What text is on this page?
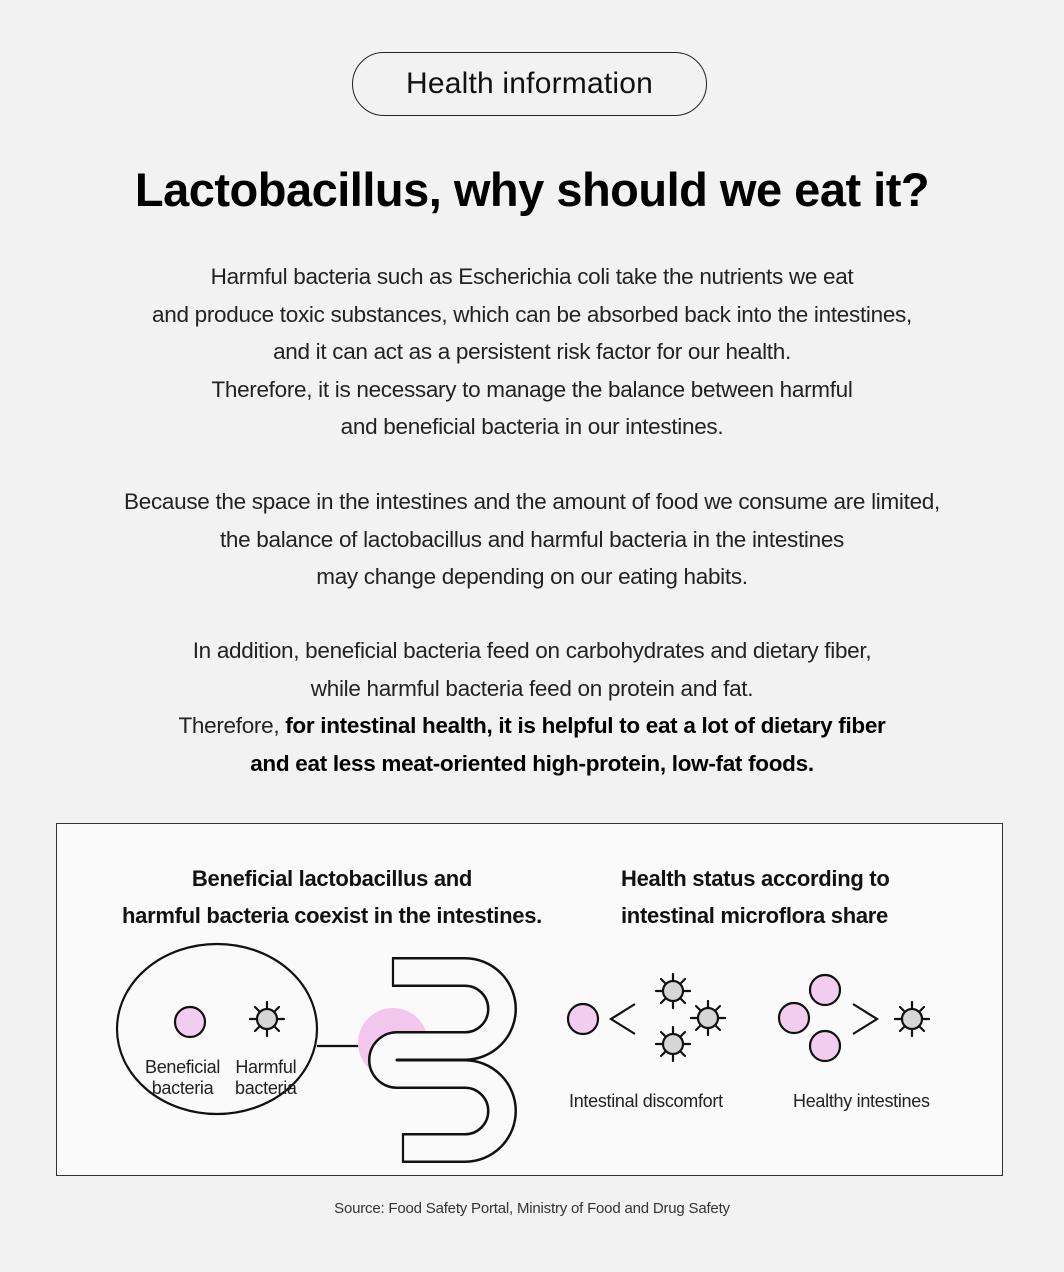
Health information
Lactobacillus, why should we eat it?
Harmful bacteria such as Escherichia coli take the nutrients we eat
and produce toxic substances, which can be absorbed back into the intestines,
and it can act as a persistent risk factor for our health.
Therefore, it is necessary to manage the balance between harmful
and beneficial bacteria in our intestines.
Because the space in the intestines and the amount of food we consume are limited,
the balance of lactobacillus and harmful bacteria in the intestines
may change depending on our eating habits.
In addition, beneficial bacteria feed on carbohydrates and dietary fiber,
while harmful bacteria feed on protein and fat.
Therefore, for intestinal health, it is helpful to eat a lot of dietary fiber
and eat less meat-oriented high-protein, low-fat foods.
Beneficial lactobacillus and
harmful bacteria coexist in the intestines.
Health status according to
intestinal microflora share
Beneficial
bacteria
Harmful
bacteria
Intestinal discomfort	Healthy intestines
Source: Food Safety Portal, Ministry of Food and Drug Safety
